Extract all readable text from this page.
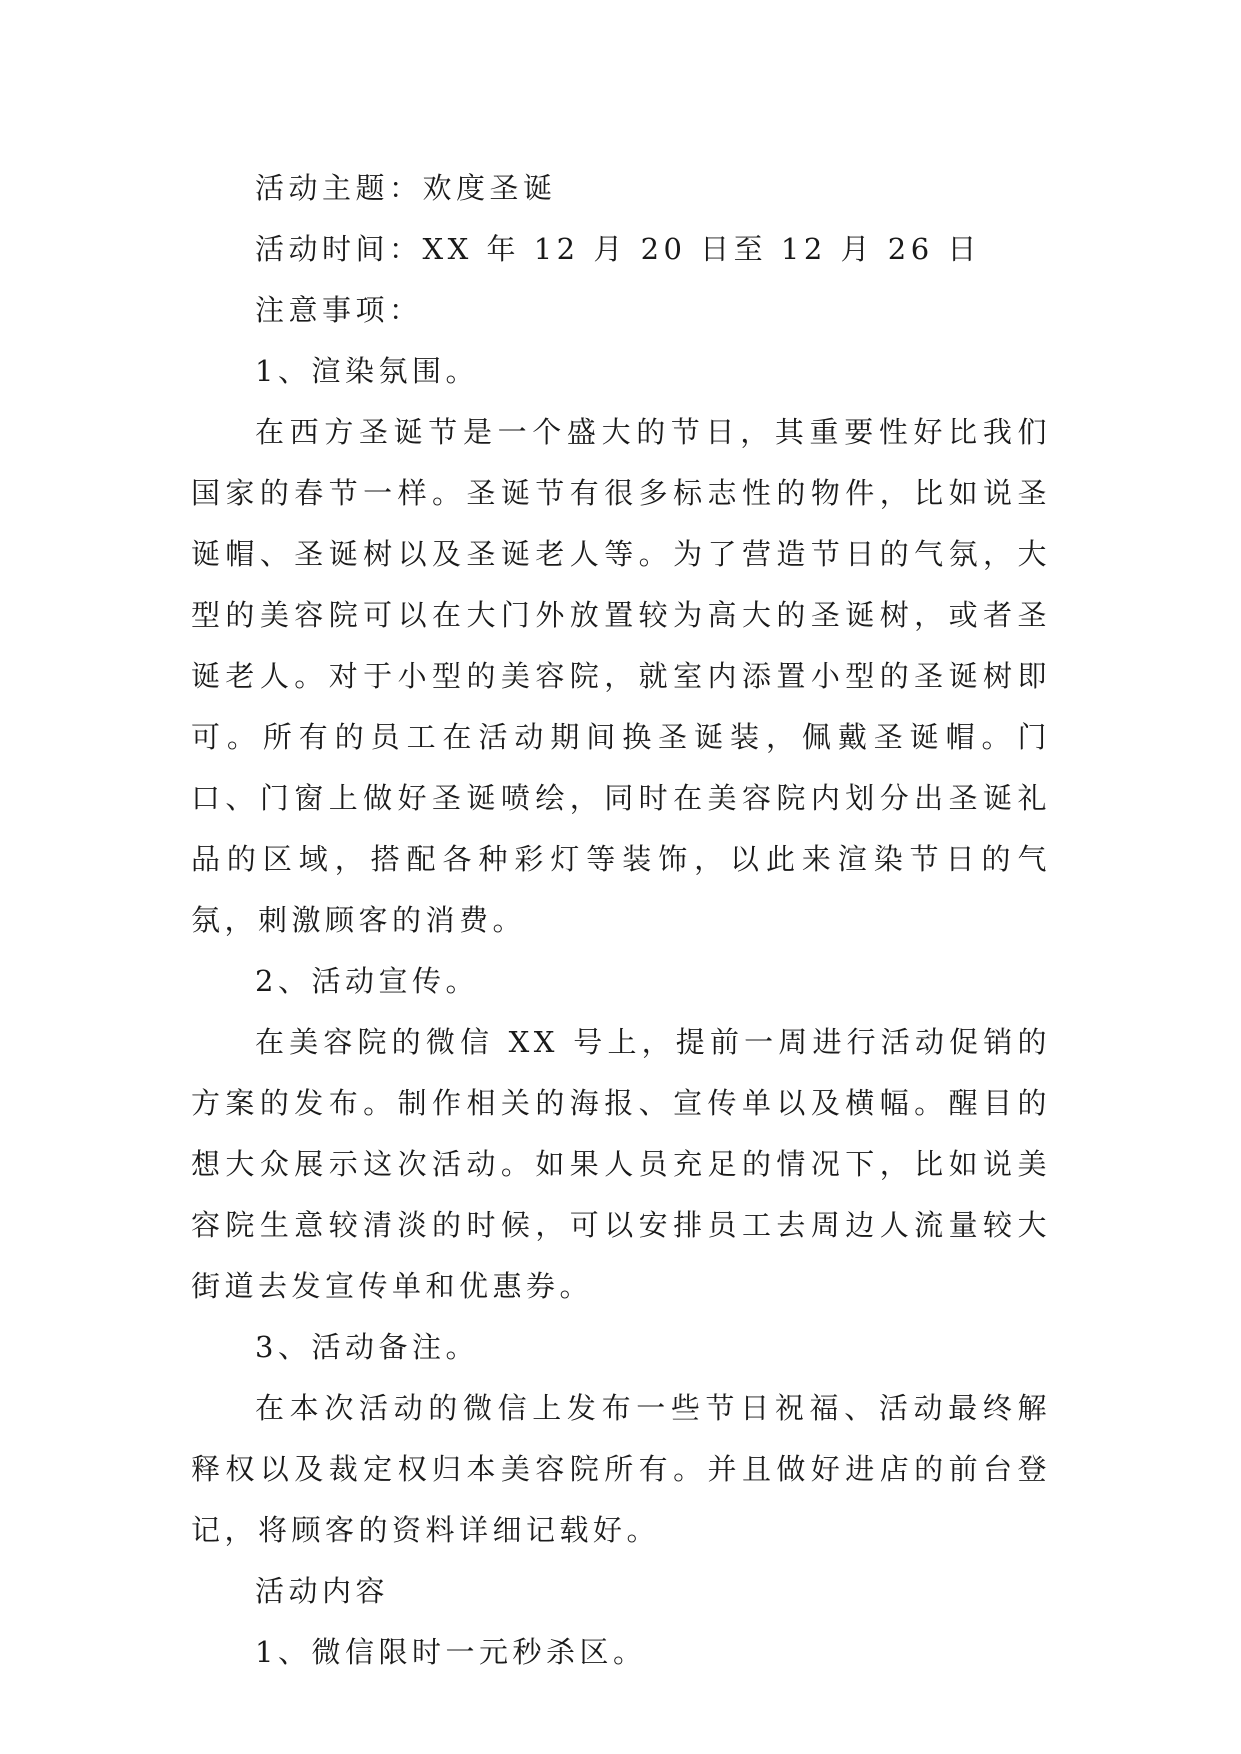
活动主题：欢度圣诞

活动时间：XX 年 12 月 20 日至 12 月 26 日

注意事项：

1、渲染氛围。

在西方圣诞节是一个盛大的节日，其重要性好比我们国家的春节一样。圣诞节有很多标志性的物件，比如说圣诞帽、圣诞树以及圣诞老人等。为了营造节日的气氛，大型的美容院可以在大门外放置较为高大的圣诞树，或者圣诞老人。对于小型的美容院，就室内添置小型的圣诞树即可。所有的员工在活动期间换圣诞装，佩戴圣诞帽。门口、门窗上做好圣诞喷绘，同时在美容院内划分出圣诞礼品的区域，搭配各种彩灯等装饰，以此来渲染节日的气氛，刺激顾客的消费。

2、活动宣传。

在美容院的微信 XX 号上，提前一周进行活动促销的方案的发布。制作相关的海报、宣传单以及横幅。醒目的想大众展示这次活动。如果人员充足的情况下，比如说美容院生意较清淡的时候，可以安排员工去周边人流量较大街道去发宣传单和优惠券。

3、活动备注。

在本次活动的微信上发布一些节日祝福、活动最终解释权以及裁定权归本美容院所有。并且做好进店的前台登记，将顾客的资料详细记载好。

活动内容

1、微信限时一元秒杀区。
